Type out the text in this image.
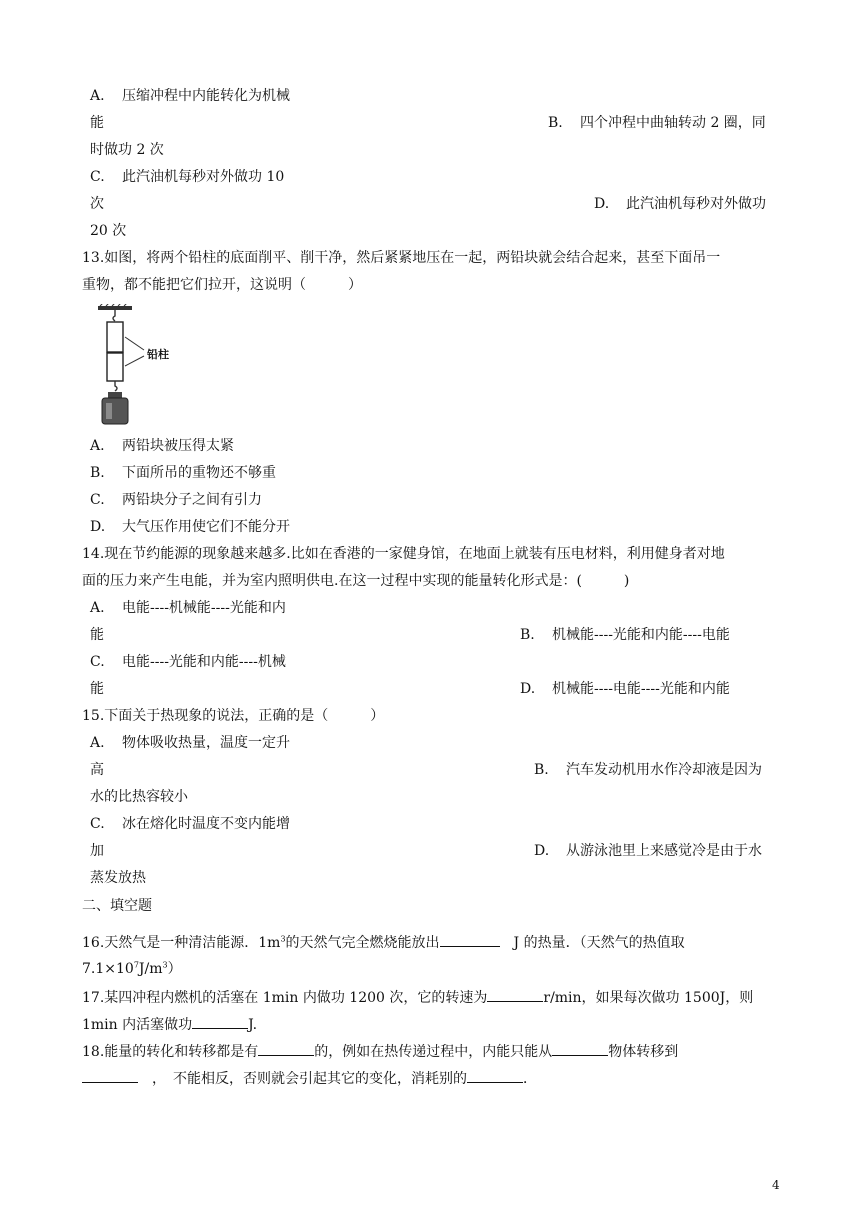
A. 压缩冲程中内能转化为机械
能	B. 四个冲程中曲轴转动 2 圈，同
时做功 2 次
C. 此汽油机每秒对外做功 10
次	D. 此汽油机每秒对外做功
20 次
13.如图，将两个铅柱的底面削平、削干净，然后紧紧地压在一起，两铅块就会结合起来，甚至下面吊一
重物，都不能把它们拉开，这说明（　　　）
铅柱
A. 两铅块被压得太紧
B. 下面所吊的重物还不够重
C. 两铅块分子之间有引力
D. 大气压作用使它们不能分开
14.现在节约能源的现象越来越多.比如在香港的一家健身馆，在地面上就装有压电材料，利用健身者对地
面的压力来产生电能，并为室内照明供电.在这一过程中实现的能量转化形式是：(　　　)
A. 电能----机械能----光能和内
能	B. 机械能----光能和内能----电能
C. 电能----光能和内能----机械
能	D. 机械能----电能----光能和内能
15.下面关于热现象的说法，正确的是（　　　）
A. 物体吸收热量，温度一定升
高	B. 汽车发动机用水作冷却液是因为
水的比热容较小
C. 冰在熔化时温度不变内能增
加	D. 从游泳池里上来感觉冷是由于水
蒸发放热
二、填空题
16.天然气是一种清洁能源．$1m^3$的天然气完全燃烧能放出	　J 的热量．（天然气的热值取
$7.1\times 10^7J/m^3$）
17.某四冲程内燃机的活塞在 1min 内做功 1200 次，它的转速为	r/min，如果每次做功 1500J，则
1min 内活塞做功	J.
18.能量的转化和转移都是有	的，例如在热传递过程中，内能只能从	物体转移到
　，　不能相反，否则就会引起其它的变化，消耗别的	．
4
